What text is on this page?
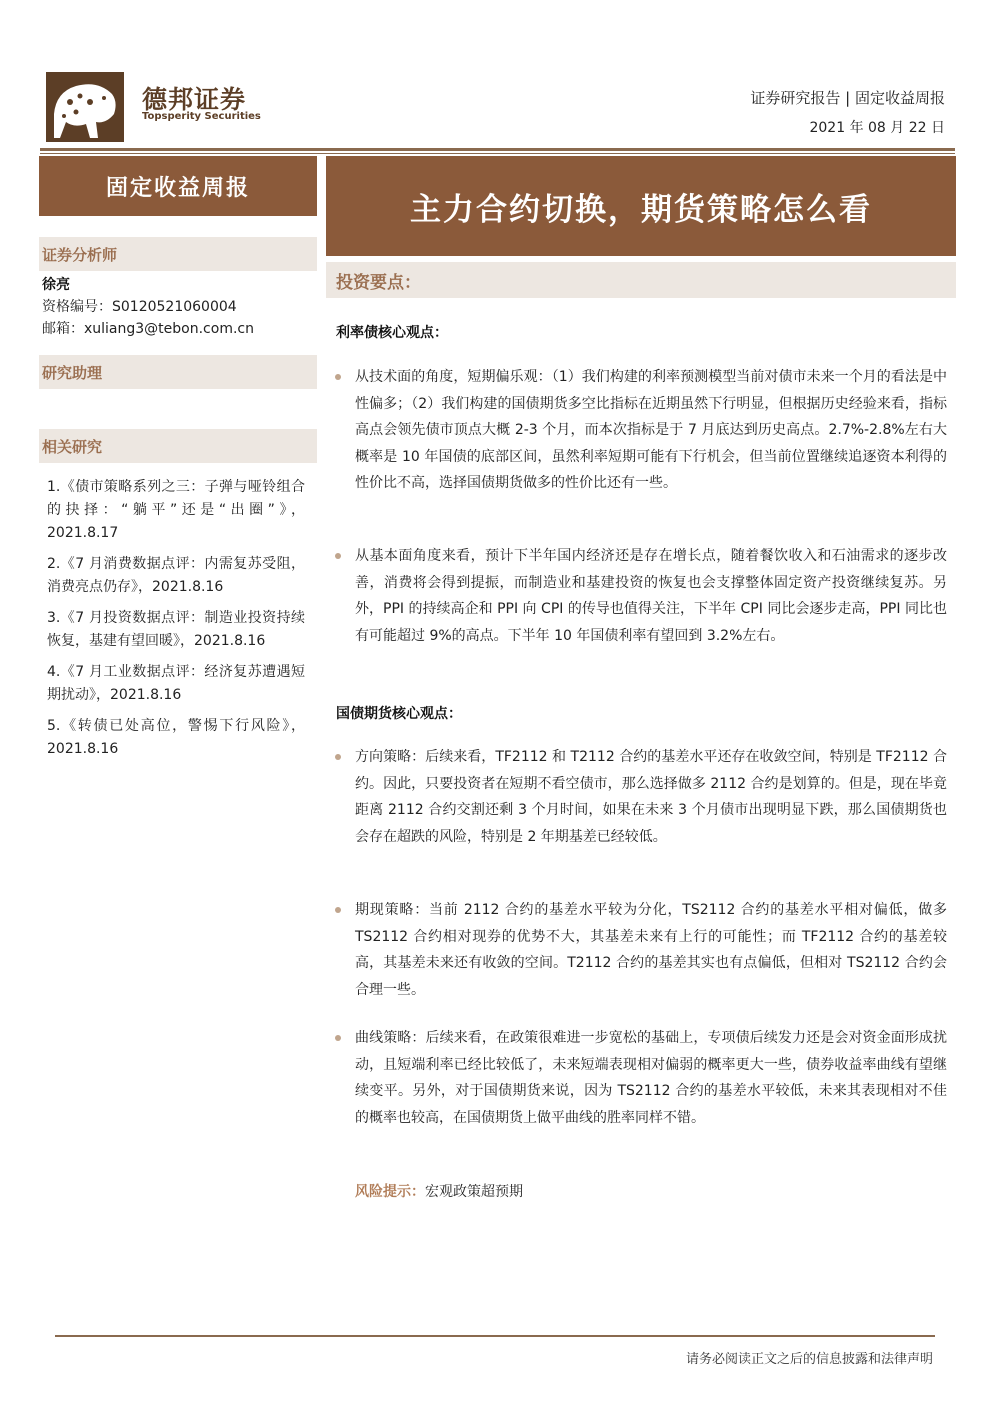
德邦证券
Topsperity Securities
证券研究报告 | 固定收益周报
2021 年 08 月 22 日
固定收益周报
证券分析师
徐亮
资格编号：S0120521060004
邮箱：xuliang3@tebon.com.cn
研究助理
相关研究
1.《债市策略系列之三：子弹与哑铃组合的抉择：“躺平”还是“出圈”》，2021.8.17
2.《7 月消费数据点评：内需复苏受阻，消费亮点仍存》，2021.8.16
3.《7 月投资数据点评：制造业投资持续恢复，基建有望回暖》，2021.8.16
4.《7 月工业数据点评：经济复苏遭遇短期扰动》，2021.8.16
5.《转债已处高位，警惕下行风险》，2021.8.16
主力合约切换，期货策略怎么看
投资要点：
利率债核心观点：
从技术面的角度，短期偏乐观：（1）我们构建的利率预测模型当前对债市未来一个月的看法是中性偏多；（2）我们构建的国债期货多空比指标在近期虽然下行明显，但根据历史经验来看，指标高点会领先债市顶点大概 2-3 个月，而本次指标是于 7 月底达到历史高点。2.7%-2.8%左右大概率是 10 年国债的底部区间，虽然利率短期可能有下行机会，但当前位置继续追逐资本利得的性价比不高，选择国债期货做多的性价比还有一些。
从基本面角度来看，预计下半年国内经济还是存在增长点，随着餐饮收入和石油需求的逐步改善，消费将会得到提振，而制造业和基建投资的恢复也会支撑整体固定资产投资继续复苏。另外，PPI 的持续高企和 PPI 向 CPI 的传导也值得关注，下半年 CPI 同比会逐步走高，PPI 同比也有可能超过 9%的高点。下半年 10 年国债利率有望回到 3.2%左右。
国债期货核心观点：
方向策略：后续来看，TF2112 和 T2112 合约的基差水平还存在收敛空间，特别是 TF2112 合约。因此，只要投资者在短期不看空债市，那么选择做多 2112 合约是划算的。但是，现在毕竟距离 2112 合约交割还剩 3 个月时间，如果在未来 3 个月债市出现明显下跌，那么国债期货也会存在超跌的风险，特别是 2 年期基差已经较低。
期现策略：当前 2112 合约的基差水平较为分化，TS2112 合约的基差水平相对偏低，做多 TS2112 合约相对现券的优势不大，其基差未来有上行的可能性；而 TF2112 合约的基差较高，其基差未来还有收敛的空间。T2112 合约的基差其实也有点偏低，但相对 TS2112 合约会合理一些。
曲线策略：后续来看，在政策很难进一步宽松的基础上，专项债后续发力还是会对资金面形成扰动，且短端利率已经比较低了，未来短端表现相对偏弱的概率更大一些，债券收益率曲线有望继续变平。另外，对于国债期货来说，因为 TS2112 合约的基差水平较低，未来其表现相对不佳的概率也较高，在国债期货上做平曲线的胜率同样不错。
风险提示：宏观政策超预期
请务必阅读正文之后的信息披露和法律声明
